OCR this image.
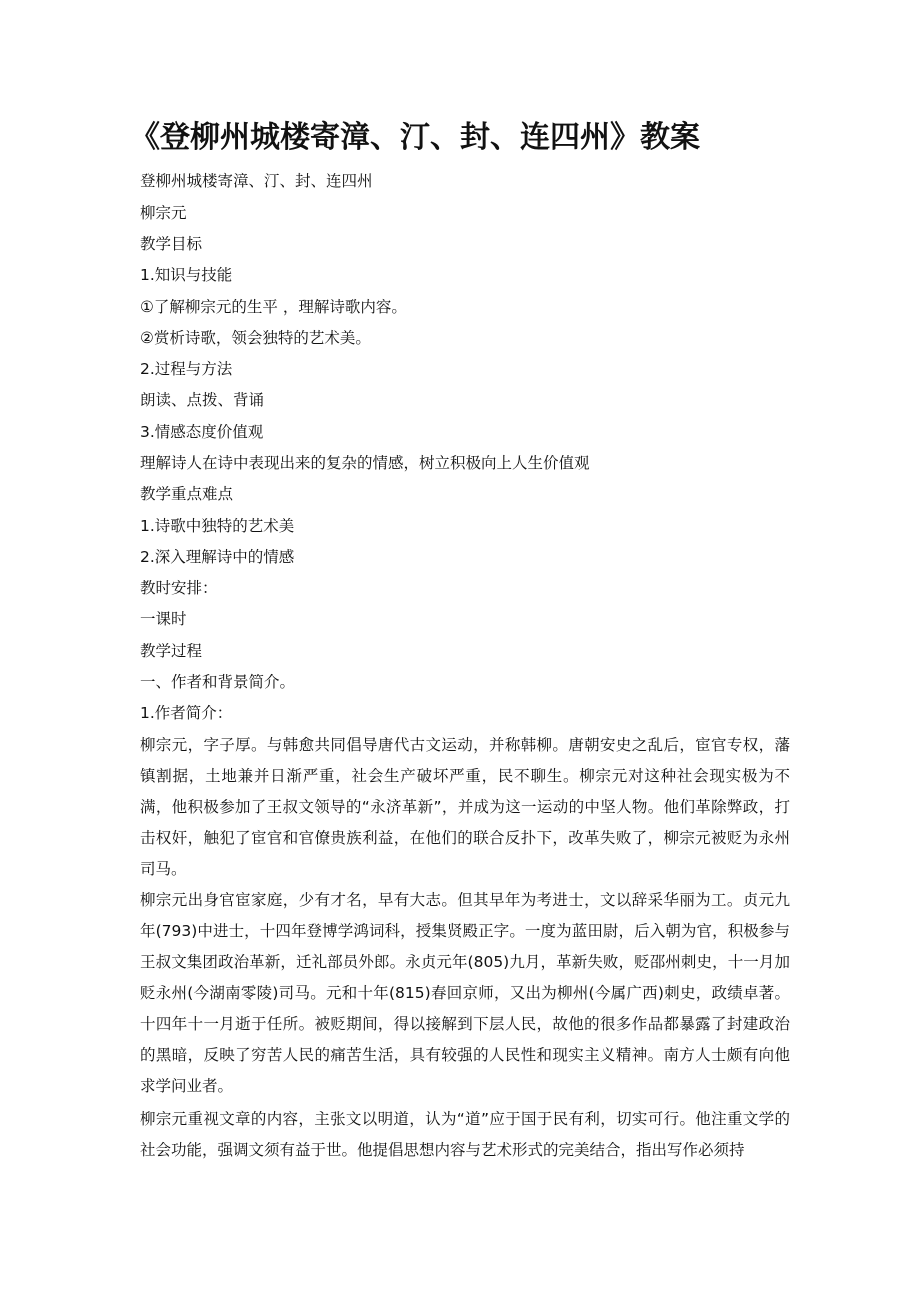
《登柳州城楼寄漳、汀、封、连四州》教案

登柳州城楼寄漳、汀、封、连四州

柳宗元

教学目标

1.知识与技能

①了解柳宗元的生平 ，理解诗歌内容。

②赏析诗歌，领会独特的艺术美。

2.过程与方法

朗读、点拨、背诵

3.情感态度价值观

理解诗人在诗中表现出来的复杂的情感，树立积极向上人生价值观

教学重点难点

1.诗歌中独特的艺术美

2.深入理解诗中的情感

教时安排：

一课时

教学过程

一、作者和背景简介。

1.作者简介：

柳宗元，字子厚。与韩愈共同倡导唐代古文运动，并称韩柳。唐朝安史之乱后，宦官专权，藩镇割据，土地兼并日渐严重，社会生产破坏严重，民不聊生。柳宗元对这种社会现实极为不满，他积极参加了王叔文领导的“永济革新”，并成为这一运动的中坚人物。他们革除弊政，打击权奸，触犯了宦官和官僚贵族利益，在他们的联合反扑下，改革失败了，柳宗元被贬为永州司马。

柳宗元出身官宦家庭，少有才名，早有大志。但其早年为考进士，文以辞采华丽为工。贞元九年(793)中进士，十四年登博学鸿词科，授集贤殿正字。一度为蓝田尉，后入朝为官，积极参与王叔文集团政治革新，迁礼部员外郎。永贞元年(805)九月，革新失败，贬邵州刺史，十一月加贬永州(今湖南零陵)司马。元和十年(815)春回京师，又出为柳州(今属广西)刺史，政绩卓著。十四年十一月逝于任所。被贬期间，得以接解到下层人民，故他的很多作品都暴露了封建政治的黑暗，反映了穷苦人民的痛苦生活，具有较强的人民性和现实主义精神。南方人士颇有向他求学问业者。

柳宗元重视文章的内容，主张文以明道，认为“道”应于国于民有利，切实可行。他注重文学的社会功能，强调文须有益于世。他提倡思想内容与艺术形式的完美结合，指出写作必须持
